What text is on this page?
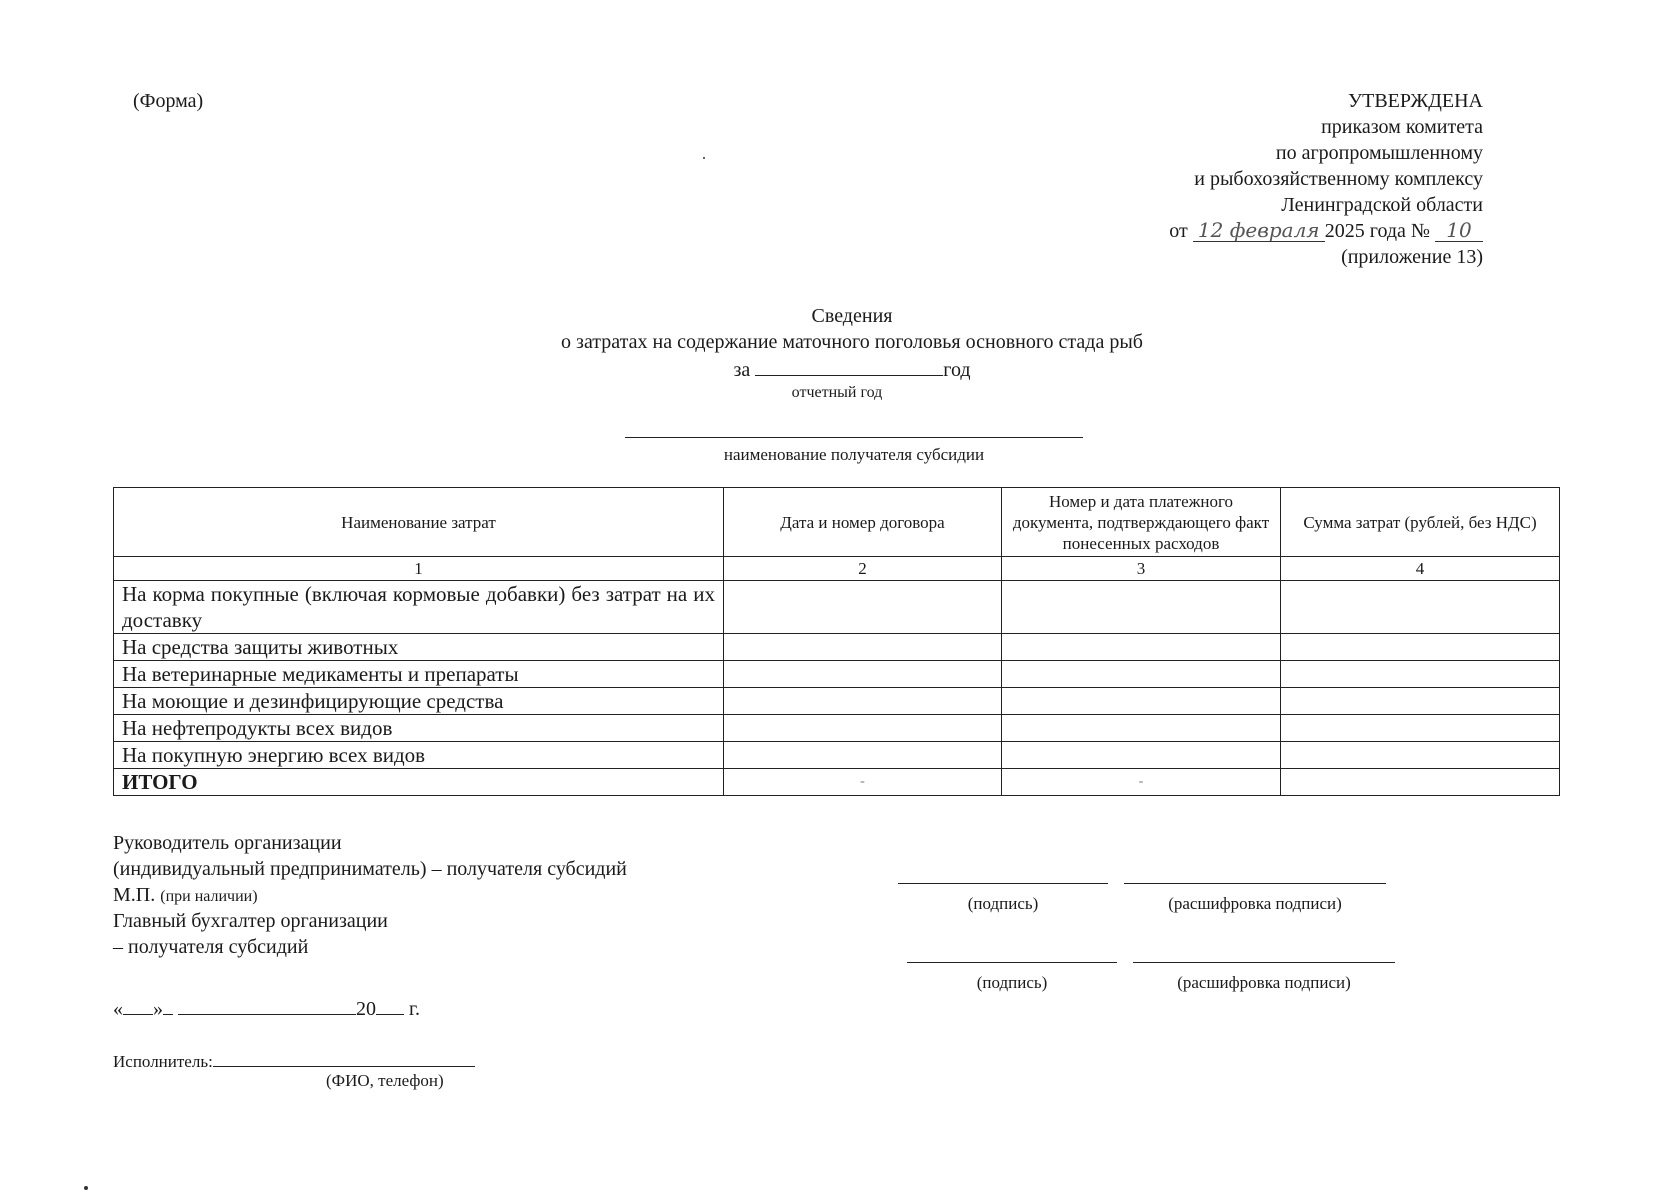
(Форма)	УТВЕРЖДЕНА
приказом комитета
по агропромышленному
и рыбохозяйственному комплексу
Ленинградской области
от 12 февраля 2025 года № 10
(приложение 13)
Сведения
о затратах на содержание маточного поголовья основного стада рыб
за	год
отчетный год
наименование получателя субсидии
Наименование затрат	Дата и номер договора	Номер и дата платежного документа, подтверждающего факт понесенных расходов	Сумма затрат (рублей, без НДС)
1	2	3	4
На корма покупные (включая кормовые добавки) без затрат на их доставку			
На средства защиты животных			
На ветеринарные медикаменты и препараты			
На моющие и дезинфицирующие средства			
На нефтепродукты всех видов			
На покупную энергию всех видов			
ИТОГО	-	-	
Руководитель организации
(индивидуальный предприниматель) – получателя субсидий
М.П. (при наличии)
Главный бухгалтер организации
– получателя субсидий
(подпись)	(расшифровка подписи)
(подпись)	(расшифровка подписи)
« »	20 г.
Исполнитель:
(ФИО, телефон)
